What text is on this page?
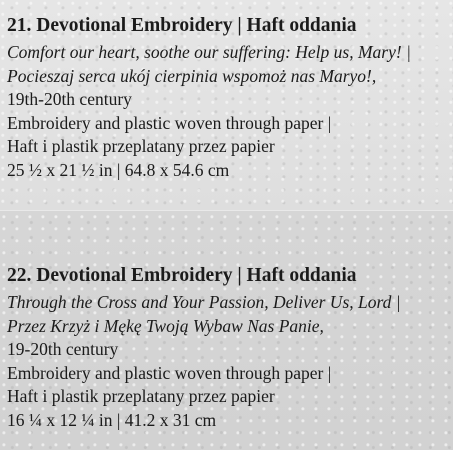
21. Devotional Embroidery | Haft oddania

Comfort our heart, soothe our suffering: Help us, Mary! |

Pocieszaj serca ukój cierpinia wspomoż nas Maryo!,

19th-20th century

Embroidery and plastic woven through paper |

Haft i plastik przeplatany przez papier

25 ½ x 21 ½ in | 64.8 x 54.6 cm

22. Devotional Embroidery | Haft oddania

Through the Cross and Your Passion, Deliver Us, Lord |

Przez Krzyż i Mękę Twoją Wybaw Nas Panie,

19-20th century

Embroidery and plastic woven through paper |

Haft i plastik przeplatany przez papier

16 ¼ x 12 ¼ in | 41.2 x 31 cm
